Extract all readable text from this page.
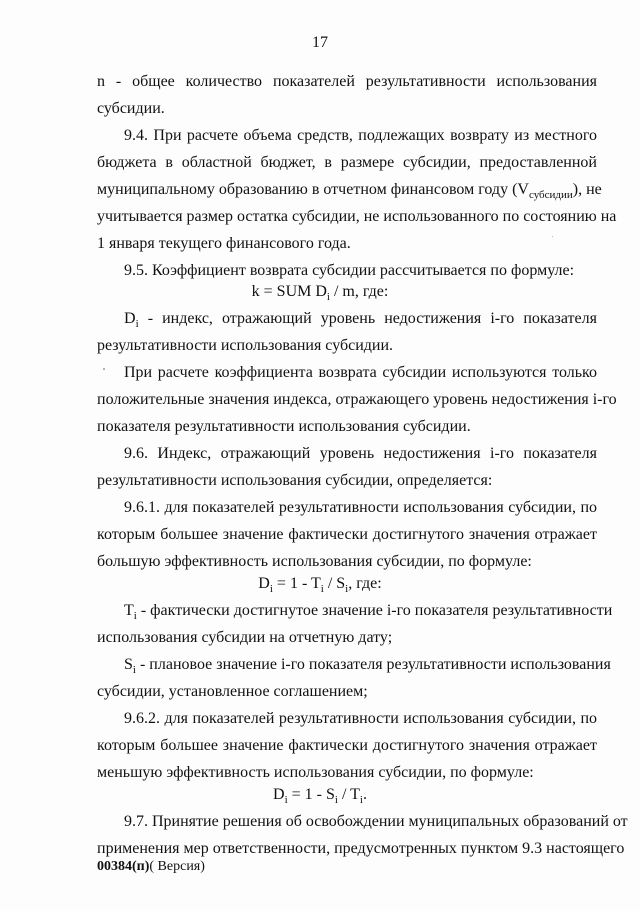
17
n - общее количество показателей результативности использования
субсидии.
9.4. При расчете объема средств, подлежащих возврату из местного
бюджета в областной бюджет, в размере субсидии, предоставленной
муниципальному образованию в отчетном финансовом году $(V_{субсидии})$, не
учитывается размер остатка субсидии, не использованного по состоянию на
1 января текущего финансового года.
9.5. Коэффициент возврата субсидии рассчитывается по формуле:
k = SUM $D_i$ / m, где:
$D_i$ - индекс, отражающий уровень недостижения i-го показателя
результативности использования субсидии.
При расчете коэффициента возврата субсидии используются только
положительные значения индекса, отражающего уровень недостижения i-го
показателя результативности использования субсидии.
9.6. Индекс, отражающий уровень недостижения i-го показателя
результативности использования субсидии, определяется:
9.6.1. для показателей результативности использования субсидии, по
которым большее значение фактически достигнутого значения отражает
большую эффективность использования субсидии, по формуле:
$D_i = 1 - T_i / S_i$, где:
$T_i$ - фактически достигнутое значение i-го показателя результативности
использования субсидии на отчетную дату;
$S_i$ - плановое значение i-го показателя результативности использования
субсидии, установленное соглашением;
9.6.2. для показателей результативности использования субсидии, по
которым большее значение фактически достигнутого значения отражает
меньшую эффективность использования субсидии, по формуле:
$D_i = 1 - S_i / T_i$.
9.7. Принятие решения об освобождении муниципальных образований от
применения мер ответственности, предусмотренных пунктом 9.3 настоящего
00384(п)( Версия)
